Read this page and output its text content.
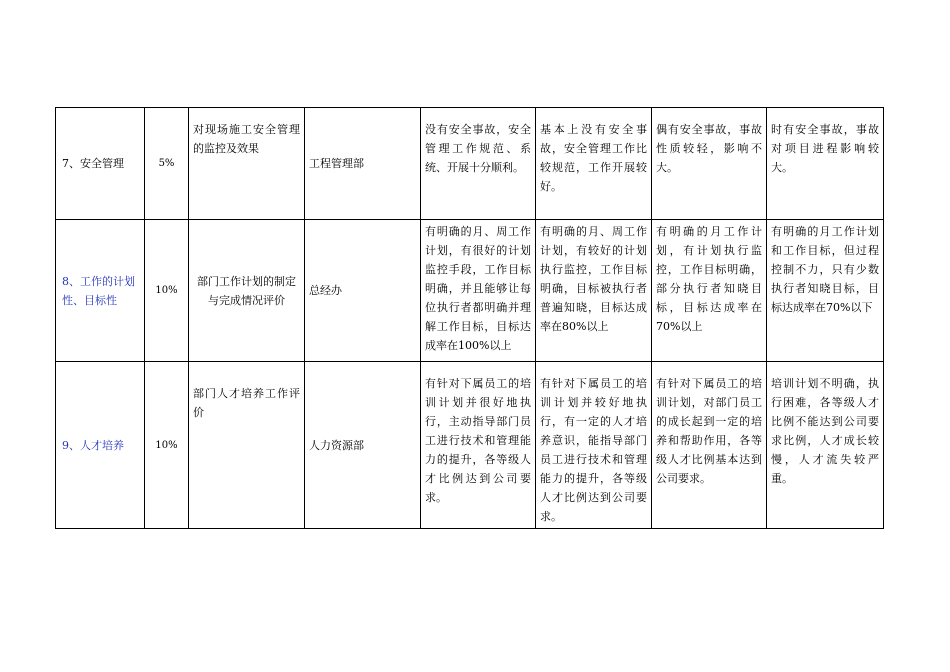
7、安全管理	5%	对现场施工安全管理的监控及效果	工程管理部	没有安全事故，安全管理工作规范、系统、开展十分顺利。	基本上没有安全事故，安全管理工作比较规范，工作开展较好。	偶有安全事故，事故性质较轻，影响不大。	时有安全事故，事故对项目进程影响较大。
8、工作的计划性、目标性	10%	部门工作计划的制定与完成情况评价	总经办	有明确的月、周工作计划，有很好的计划监控手段，工作目标明确，并且能够让每位执行者都明确并理解工作目标，目标达成率在100%以上	有明确的月、周工作计划，有较好的计划执行监控，工作目标明确，目标被执行者普遍知晓，目标达成率在80%以上	有明确的月工作计划，有计划执行监控，工作目标明确，部分执行者知晓目标，目标达成率在70%以上	有明确的月工作计划和工作目标，但过程控制不力，只有少数执行者知晓目标，目标达成率在70%以下
9、人才培养	10%	部门人才培养工作评价	人力资源部	有针对下属员工的培训计划并很好地执行，主动指导部门员工进行技术和管理能力的提升，各等级人才比例达到公司要求。	有针对下属员工的培训计划并较好地执行，有一定的人才培养意识，能指导部门员工进行技术和管理能力的提升，各等级人才比例达到公司要求。	有针对下属员工的培训计划，对部门员工的成长起到一定的培养和帮助作用，各等级人才比例基本达到公司要求。	培训计划不明确，执行困难，各等级人才比例不能达到公司要求比例，人才成长较慢，人才流失较严重。
